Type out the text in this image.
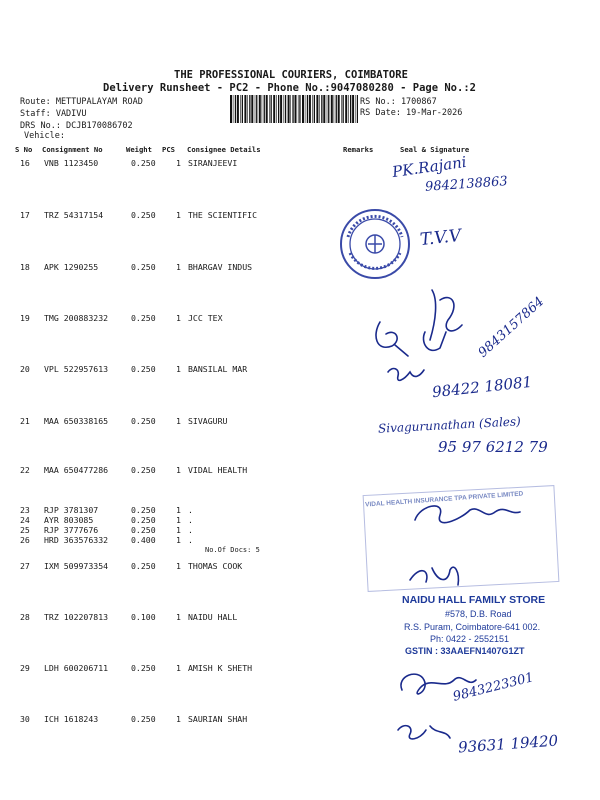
THE PROFESSIONAL COURIERS, COIMBATORE
Delivery Runsheet - PC2 - Phone No.:9047080280 - Page No.:2
Route: METTUPALAYAM ROAD
Staff: VADIVU
DRS No.: DCJB170086702
Vehicle:
RS No.: 1700867
RS Date: 19-Mar-2026
S No Consignment No	Weight PCS Consignee Details	Remarks	Seal & Signature
16 VNB 1123450	0.250 1 SIRANJEEVI
17 TRZ 54317154	0.250 1 THE SCIENTIFIC
18 APK 1290255	0.250 1 BHARGAV INDUS
19 TMG 200883232	0.250 1 JCC TEX
20 VPL 522957613	0.250 1 BANSILAL MAR
21 MAA 650338165	0.250 1 SIVAGURU
22 MAA 650477286	0.250 1 VIDAL HEALTH
23 RJP 3781307	0.250 1 .
24 AYR 803085	0.250 1 .
25 RJP 3777676	0.250 1 .
26 HRD 363576332	0.400 1 .
27 IXM 509973354	0.250 1 THOMAS COOK
28 TRZ 102207813	0.100 1 NAIDU HALL
29 LDH 600206711	0.250 1 AMISH K SHETH
30 ICH 1618243	0.250 1 SAURIAN SHAH
No.Of Docs: 5
VIDAL HEALTH INSURANCE TPA PRIVATE LIMITED
NAIDU HALL FAMILY STORE
#578, D.B. Road
R.S. Puram, Coimbatore-641 002.
Ph: 0422 - 2552151
GSTIN : 33AAEFN1407G1ZT
PK.Rajani
9842138863
T.V.V
9843157864
98422 18081
Sivagurunathan (Sales)
95 97 6212 79
9843223301
93631 19420
